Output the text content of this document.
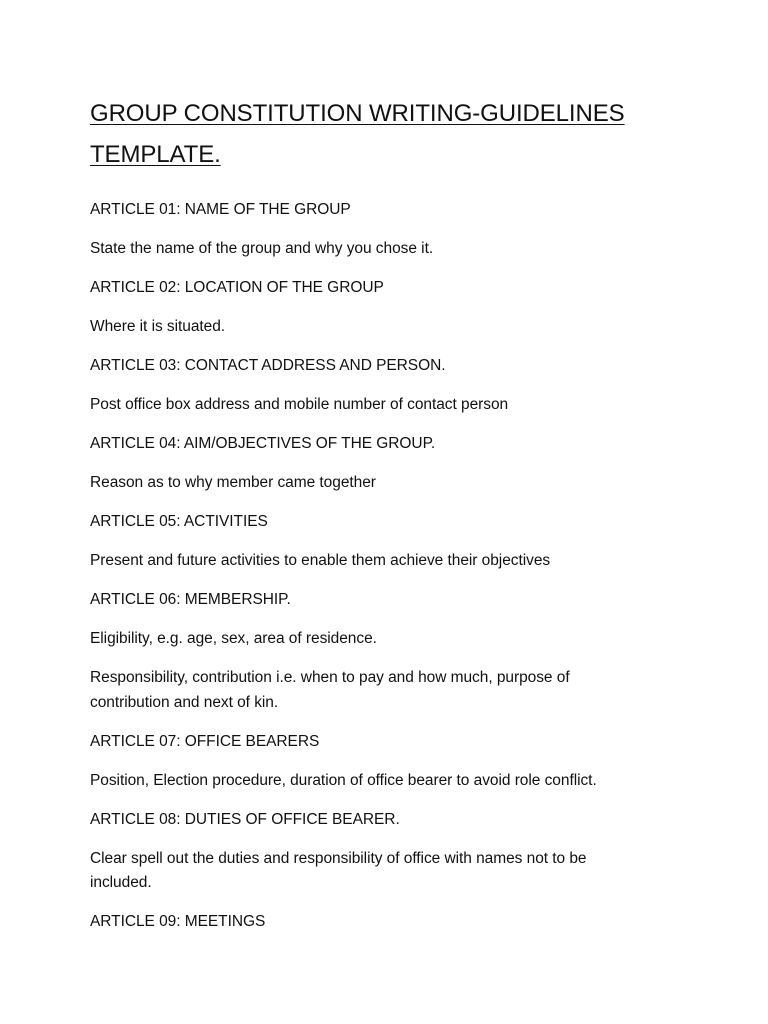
GROUP CONSTITUTION WRITING-GUIDELINES TEMPLATE.

ARTICLE 01: NAME OF THE GROUP

State the name of the group and why you chose it.

ARTICLE 02: LOCATION OF THE GROUP

Where it is situated.

ARTICLE 03: CONTACT ADDRESS AND PERSON.

Post office box address and mobile number of contact person

ARTICLE 04: AIM/OBJECTIVES OF THE GROUP.

Reason as to why member came together

ARTICLE 05: ACTIVITIES

Present and future activities to enable them achieve their objectives

ARTICLE 06: MEMBERSHIP.

Eligibility, e.g. age, sex, area of residence.

Responsibility, contribution i.e. when to pay and how much, purpose of contribution and next of kin.

ARTICLE 07: OFFICE BEARERS

Position, Election procedure, duration of office bearer to avoid role conflict.

ARTICLE 08: DUTIES OF OFFICE BEARER.

Clear spell out the duties and responsibility of office with names not to be included.

ARTICLE 09: MEETINGS
